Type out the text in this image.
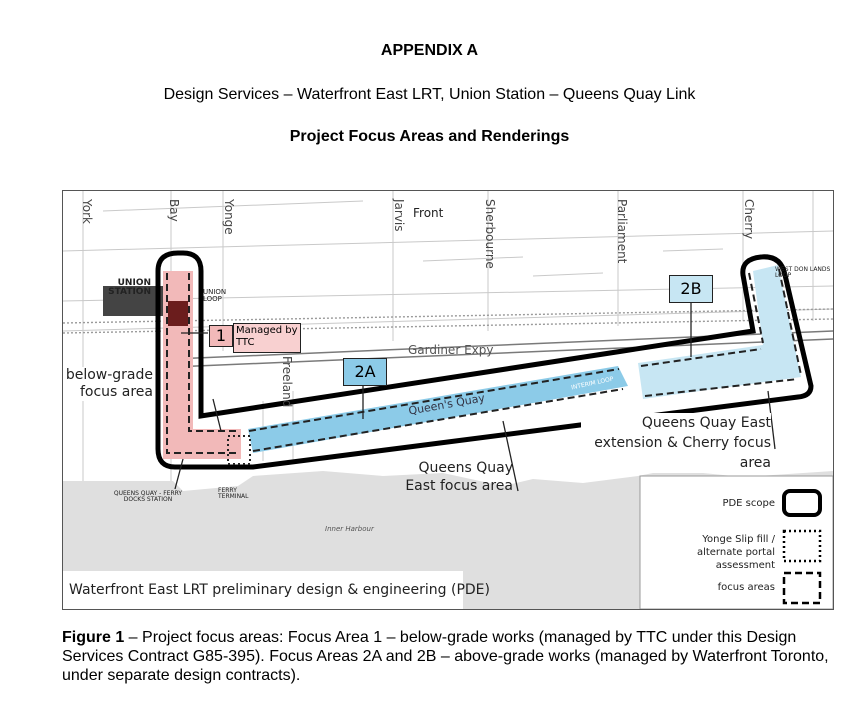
APPENDIX A
Design Services – Waterfront East LRT, Union Station – Queens Quay Link
Project Focus Areas and Renderings
York	Bay	Yonge	Jarvis Front	Sherbourne	Parliament	Cherry
Freeland
Gardiner Expy
Queen's Quay
UNION STATION	UNION LOOP
WEST DON LANDS LOOP
INTERIM LOOP
FERRY TERMINAL
QUEENS QUAY - FERRY DOCKS STATION
Inner Harbour
1 Managed by TTC
2A
2B
below-grade focus area
Queens Quay East focus area
Queens Quay East extension & Cherry focus area
PDE scope
Yonge Slip fill / alternate portal assessment
focus areas
Waterfront East LRT preliminary design & engineering (PDE)
Figure 1 – Project focus areas: Focus Area 1 – below-grade works (managed by TTC under this Design Services Contract G85-395). Focus Areas 2A and 2B – above-grade works (managed by Waterfront Toronto, under separate design contracts).
